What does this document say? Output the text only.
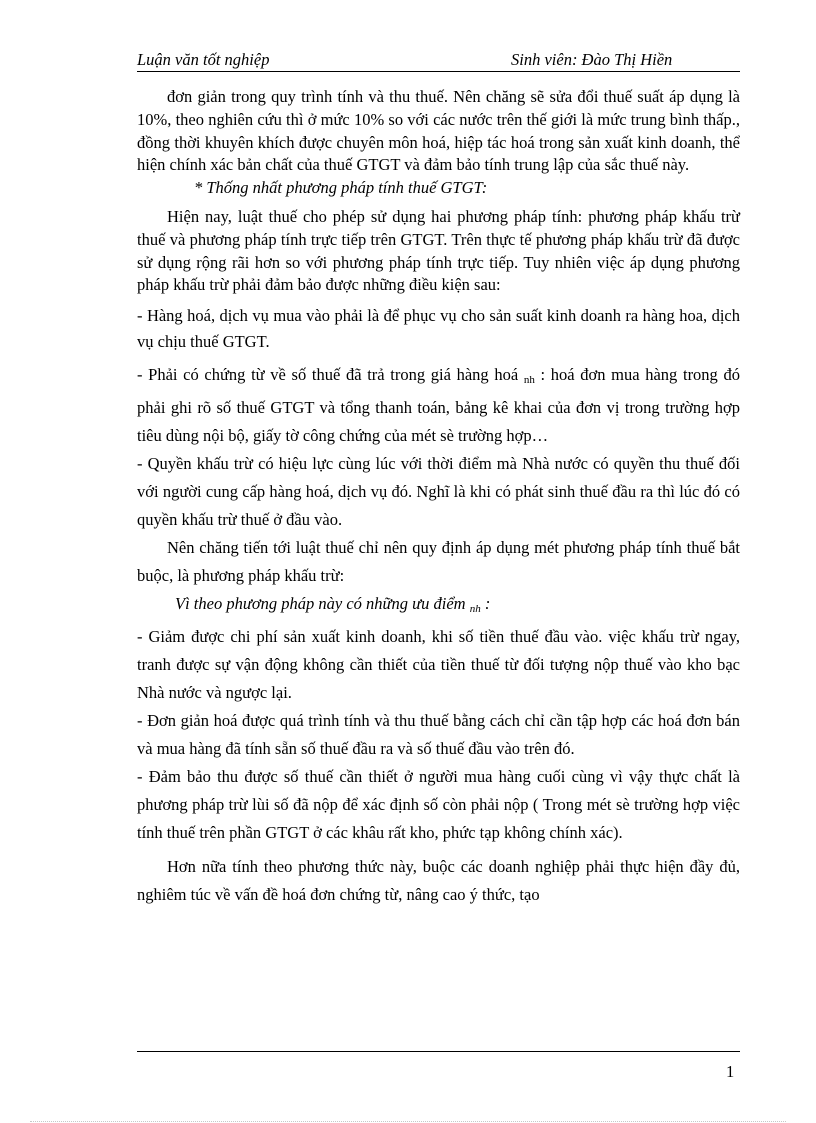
Luận văn tốt nghiệp	Sinh viên: Đào Thị Hiền

đơn giản trong quy trình tính và thu thuế. Nên chăng sẽ sửa đổi thuế suất áp dụng là 10%, theo nghiên cứu thì ở mức 10% so với các nước trên thế giới là mức trung bình thấp., đồng thời khuyên khích được chuyên môn hoá, hiệp tác hoá trong sản xuất kinh doanh, thể hiện chính xác bản chất của thuế GTGT và đảm bảo tính trung lập của sắc thuế này.

* Thống nhất phương pháp tính thuế GTGT:

Hiện nay, luật thuế cho phép sử dụng hai phương pháp tính: phương pháp khấu trừ thuế và phương pháp tính trực tiếp trên GTGT. Trên thực tế phương pháp khấu trừ đã được sử dụng rộng rãi hơn so với phương pháp tính trực tiếp. Tuy nhiên việc áp dụng phương pháp khấu trừ phải đảm bảo được những điều kiện sau:

- Hàng hoá, dịch vụ mua vào phải là để phục vụ cho sản suất kinh doanh ra hàng hoa, dịch vụ chịu thuế GTGT.

- Phải có chứng từ về số thuế đã trả trong giá hàng hoá $_{nh}$ : hoá đơn mua hàng trong đó phải ghi rõ số thuế GTGT và tổng thanh toán, bảng kê khai của đơn vị trong trường hợp tiêu dùng nội bộ, giấy tờ công chứng của mét sè trường hợp…

- Quyền khấu trừ có hiệu lực cùng lúc với thời điểm mà Nhà nước có quyền thu thuế đối với người cung cấp hàng hoá, dịch vụ đó. Nghĩ là khi có phát sinh thuế đầu ra thì lúc đó có quyền khấu trừ thuế ở đầu vào.

Nên chăng tiến tới luật thuế chỉ nên quy định áp dụng mét phương pháp tính thuế bắt buộc, là phương pháp khấu trừ:

Vì theo phương pháp này có những ưu điểm $_{nh}$ :

- Giảm được chi phí sản xuất kinh doanh, khi số tiền thuế đầu vào. việc khấu trừ ngay, tranh được sự vận động không cần thiết của tiền thuế từ đối tượng nộp thuế vào kho bạc Nhà nước và ngược lại.

- Đơn giản hoá được quá trình tính và thu thuế bằng cách chỉ cần tập hợp các hoá đơn bán và mua hàng đã tính sẵn số thuế đầu ra và số thuế đầu vào trên đó.

- Đảm bảo thu được số thuế cần thiết ở người mua hàng cuối cùng vì vậy thực chất là phương pháp trừ lùi số đã nộp để xác định số còn phải nộp ( Trong mét sè trường hợp việc tính thuế trên phần GTGT ở các khâu rất kho, phức tạp không chính xác).

Hơn nữa tính theo phương thức này, buộc các doanh nghiệp phải thực hiện đầy đủ, nghiêm túc về vấn đề hoá đơn chứng từ, nâng cao ý thức, tạo

1
